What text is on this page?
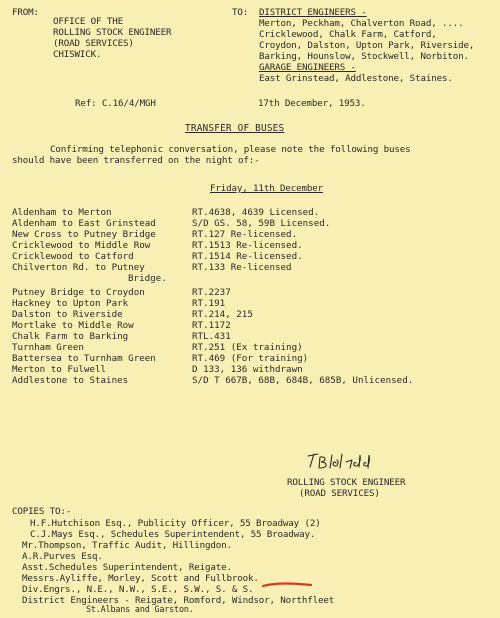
FROM:
OFFICE OF THE
ROLLING STOCK ENGINEER
(ROAD SERVICES)
CHISWICK.
TO: DISTRICT ENGINEERS -
Merton, Peckham, Chalverton Road, ....
Cricklewood, Chalk Farm, Catford,
Croydon, Dalston, Upton Park, Riverside,
Barking, Hounslow, Stockwell, Norbiton.
GARAGE ENGINEERS -
East Grinstead, Addlestone, Staines.
Ref: C.16/4/MGH	17th December, 1953.
TRANSFER OF BUSES
Confirming telephonic conversation, please note the following buses
should have been transferred on the night of:-
Friday, 11th December
Aldenham to Merton	RT.4638, 4639 Licensed.
Aldenham to East Grinstead	S/D GS. 58, 59B Licensed.
New Cross to Putney Bridge	RT.127 Re-licensed.
Cricklewood to Middle Row	RT.1513 Re-licensed.
Cricklewood to Catford	RT.1514 Re-licensed.
Chilverton Rd. to Putney	RT.133 Re-licensed
Bridge.
Putney Bridge to Croydon	RT.2237
Hackney to Upton Park	RT.191
Dalston to Riverside	RT.214, 215
Mortlake to Middle Row	RT.1172
Chalk Farm to Barking	RTL.431
Turnham Green	RT.251 (Ex training)
Battersea to Turnham Green	RT.469 (For training)
Merton to Fulwell	D 133, 136 withdrawn
Addlestone to Staines	S/D T 667B, 68B, 684B, 685B, Unlicensed.
ROLLING STOCK ENGINEER
(ROAD SERVICES)
COPIES TO:-
H.F.Hutchison Esq., Publicity Officer, 55 Broadway (2)
C.J.Mays Esq., Schedules Superintendent, 55 Broadway.
Mr.Thompson, Traffic Audit, Hillingdon.
A.R.Purves Esq.
Asst.Schedules Superintendent, Reigate.
Messrs.Ayliffe, Morley, Scott and Fullbrook.
Div.Engrs., N.E., N.W., S.E., S.W., S. & S.
District Engineers - Reigate, Romford, Windsor, Northfleet
St.Albans and Garston.
